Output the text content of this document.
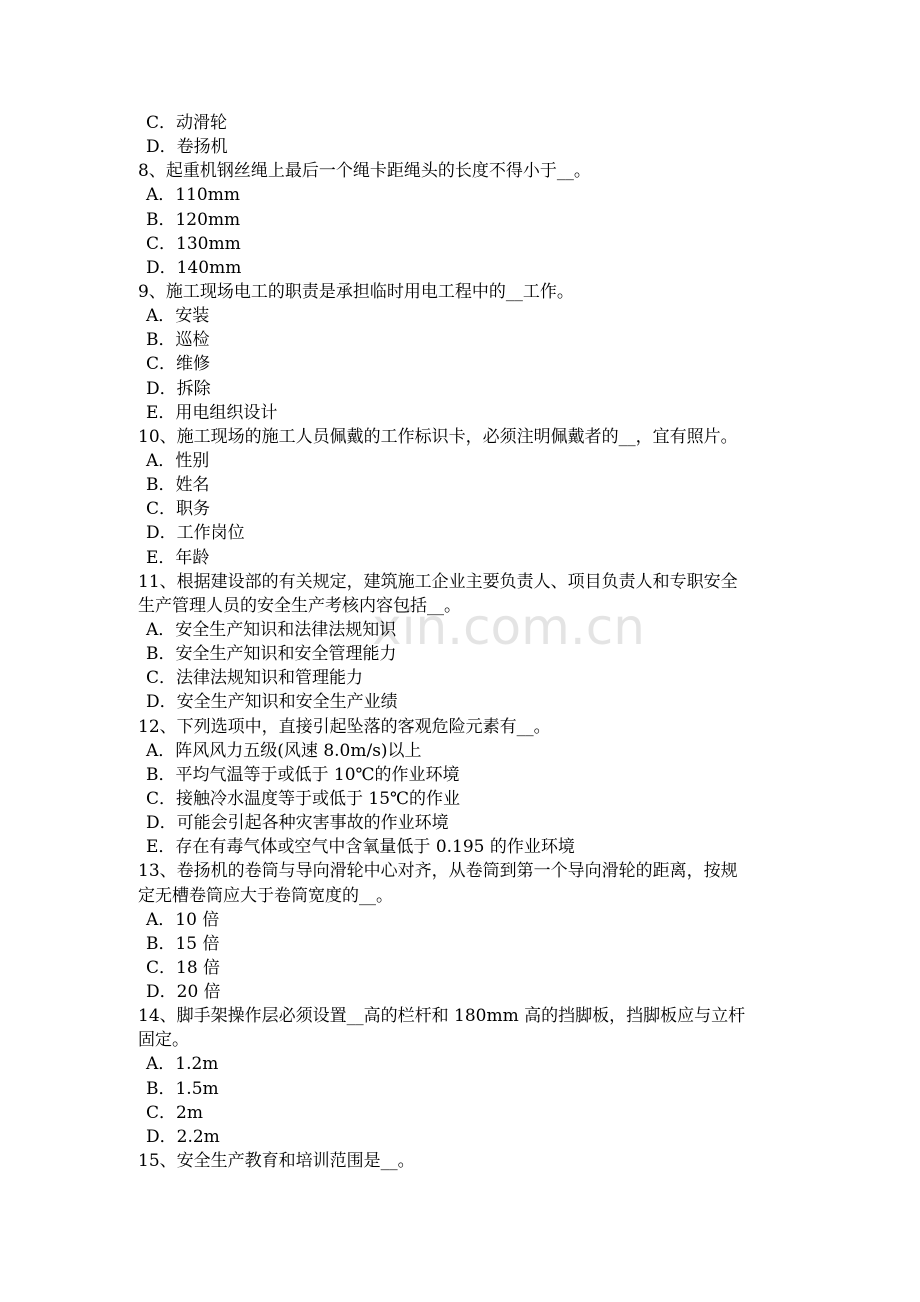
C．动滑轮
D．卷扬机
8、起重机钢丝绳上最后一个绳卡距绳头的长度不得小于__。
A．110mm
B．120mm
C．130mm
D．140mm
9、施工现场电工的职责是承担临时用电工程中的__工作。
A．安装
B．巡检
C．维修
D．拆除
E．用电组织设计
10、施工现场的施工人员佩戴的工作标识卡，必须注明佩戴者的__，宜有照片。
A．性别
B．姓名
C．职务
D．工作岗位
E．年龄
11、根据建设部的有关规定，建筑施工企业主要负责人、项目负责人和专职安全
生产管理人员的安全生产考核内容包括__。
A．安全生产知识和法律法规知识
B．安全生产知识和安全管理能力
C．法律法规知识和管理能力
D．安全生产知识和安全生产业绩
12、下列选项中，直接引起坠落的客观危险元素有__。
A．阵风风力五级(风速 8.0m/s)以上
B．平均气温等于或低于 10℃的作业环境
C．接触冷水温度等于或低于 15℃的作业
D．可能会引起各种灾害事故的作业环境
E．存在有毒气体或空气中含氧量低于 0.195 的作业环境
13、卷扬机的卷筒与导向滑轮中心对齐，从卷筒到第一个导向滑轮的距离，按规
定无槽卷筒应大于卷筒宽度的__。
A．10 倍
B．15 倍
C．18 倍
D．20 倍
14、脚手架操作层必须设置__高的栏杆和 180mm 高的挡脚板，挡脚板应与立杆
固定。
A．1.2m
B．1.5m
C．2m
D．2.2m
15、安全生产教育和培训范围是__。
xin.com.cn
